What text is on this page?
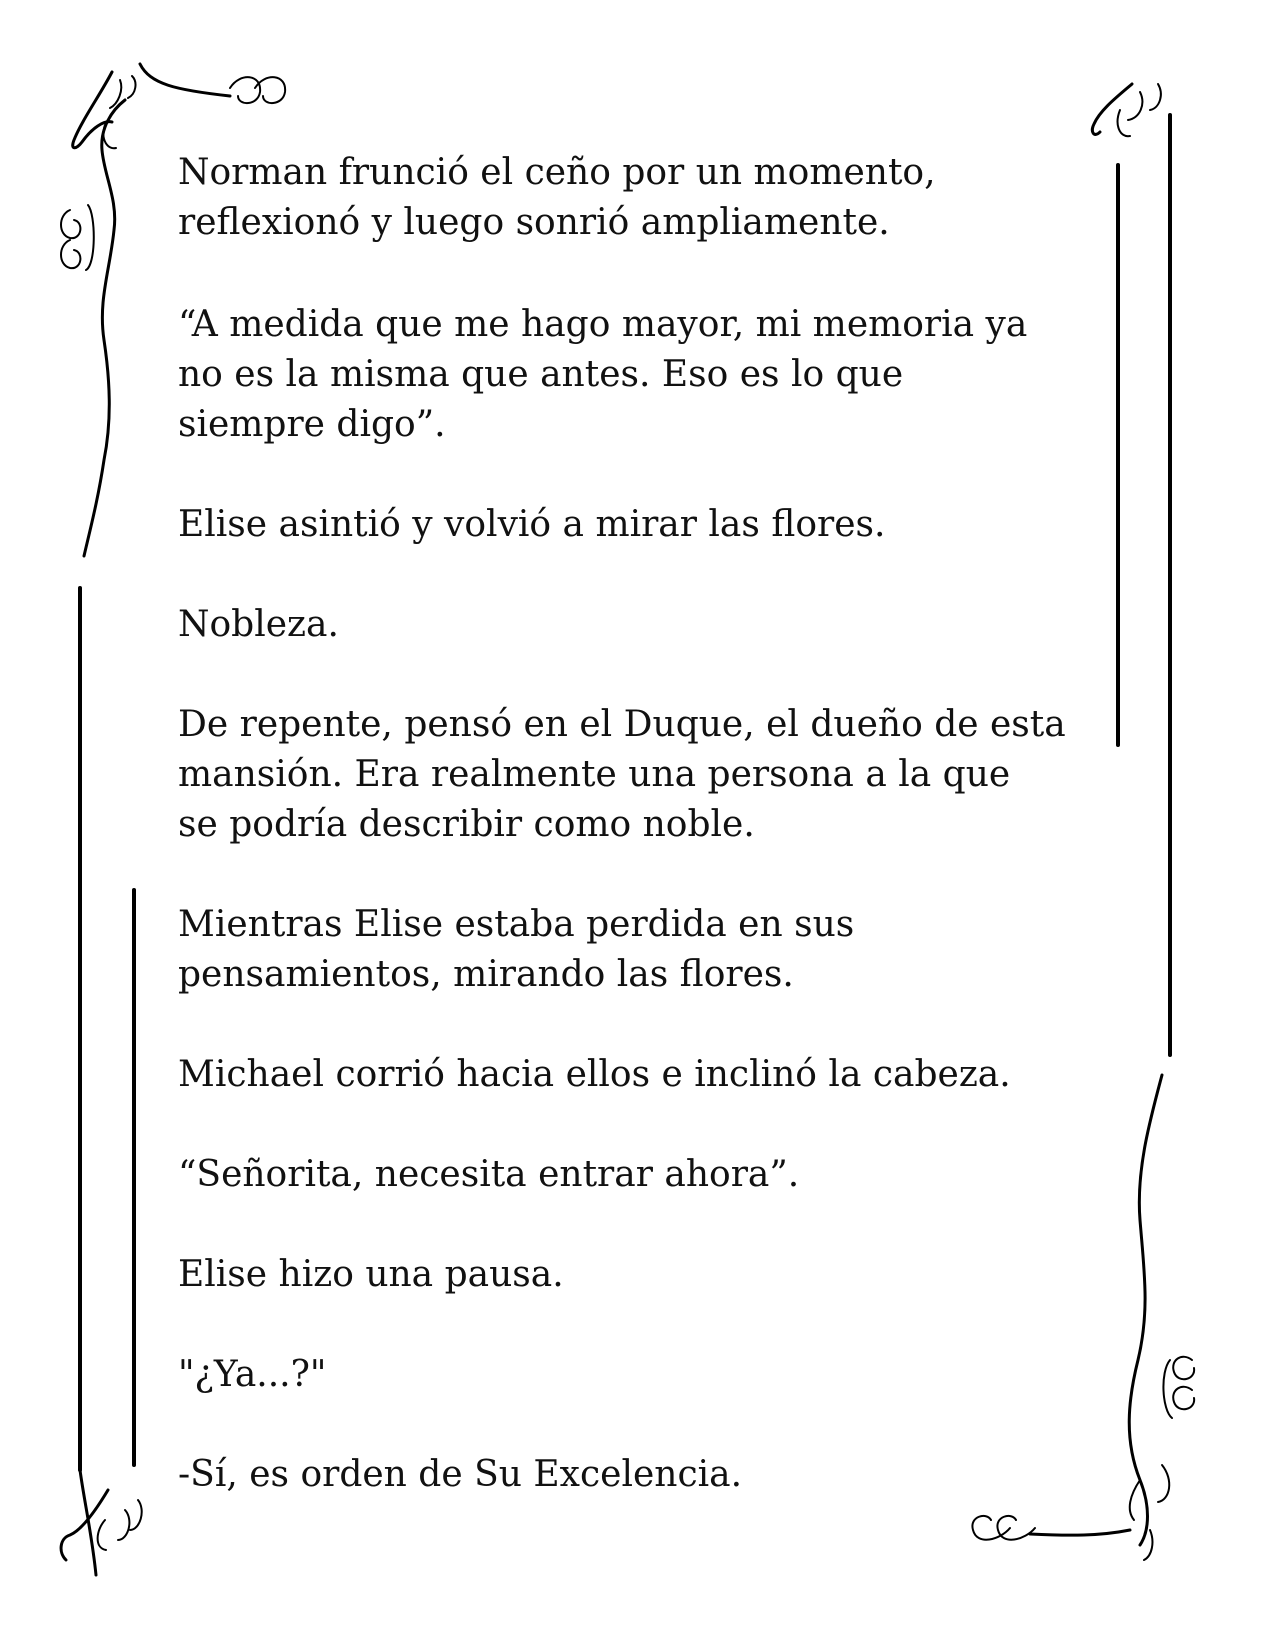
Norman frunció el ceño por un momento,
reflexionó y luego sonrió ampliamente.

“A medida que me hago mayor, mi memoria ya
no es la misma que antes. Eso es lo que
siempre digo”.

Elise asintió y volvió a mirar las flores.

Nobleza.

De repente, pensó en el Duque, el dueño de esta
mansión. Era realmente una persona a la que
se podría describir como noble.

Mientras Elise estaba perdida en sus
pensamientos, mirando las flores.

Michael corrió hacia ellos e inclinó la cabeza.

“Señorita, necesita entrar ahora”.

Elise hizo una pausa.

"¿Ya...?"

-Sí, es orden de Su Excelencia.
